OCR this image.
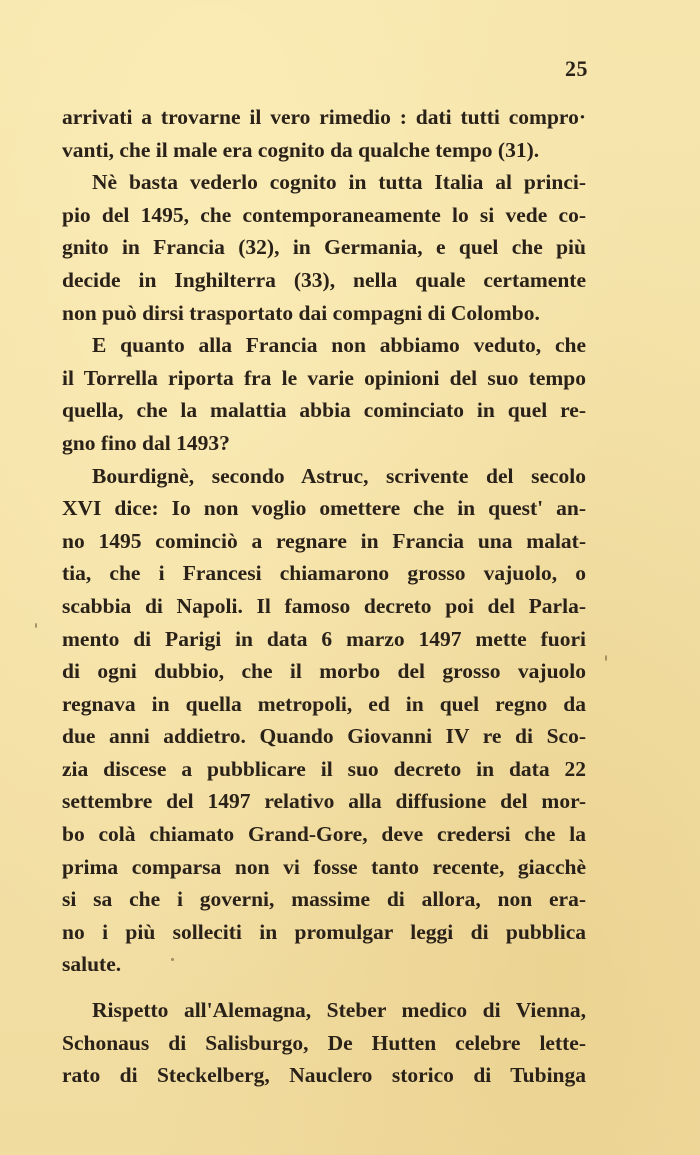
25
arrivati a trovarne il vero rimedio : dati tutti compro·
vanti, che il male era cognito da qualche tempo (31).
Nè basta vederlo cognito in tutta Italia al princi-
pio del 1495, che contemporaneamente lo si vede co-
gnito in Francia (32), in Germania, e quel che più
decide in Inghilterra (33), nella quale certamente
non può dirsi trasportato dai compagni di Colombo.
E quanto alla Francia non abbiamo veduto, che
il Torrella riporta fra le varie opinioni del suo tempo
quella, che la malattia abbia cominciato in quel re-
gno fino dal 1493?
Bourdignè, secondo Astruc, scrivente del secolo
XVI dice: Io non voglio omettere che in quest' an-
no 1495 cominciò a regnare in Francia una malat-
tia, che i Francesi chiamarono grosso vajuolo, o
scabbia di Napoli. Il famoso decreto poi del Parla-
mento di Parigi in data 6 marzo 1497 mette fuori
di ogni dubbio, che il morbo del grosso vajuolo
regnava in quella metropoli, ed in quel regno da
due anni addietro. Quando Giovanni IV re di Sco-
zia discese a pubblicare il suo decreto in data 22
settembre del 1497 relativo alla diffusione del mor-
bo colà chiamato Grand-Gore, deve credersi che la
prima comparsa non vi fosse tanto recente, giacchè
si sa che i governi, massime di allora, non era-
no i più solleciti in promulgar leggi di pubblica
salute.
Rispetto all'Alemagna, Steber medico di Vienna,
Schonaus di Salisburgo, De Hutten celebre lette-
rato di Steckelberg, Nauclero storico di Tubinga
